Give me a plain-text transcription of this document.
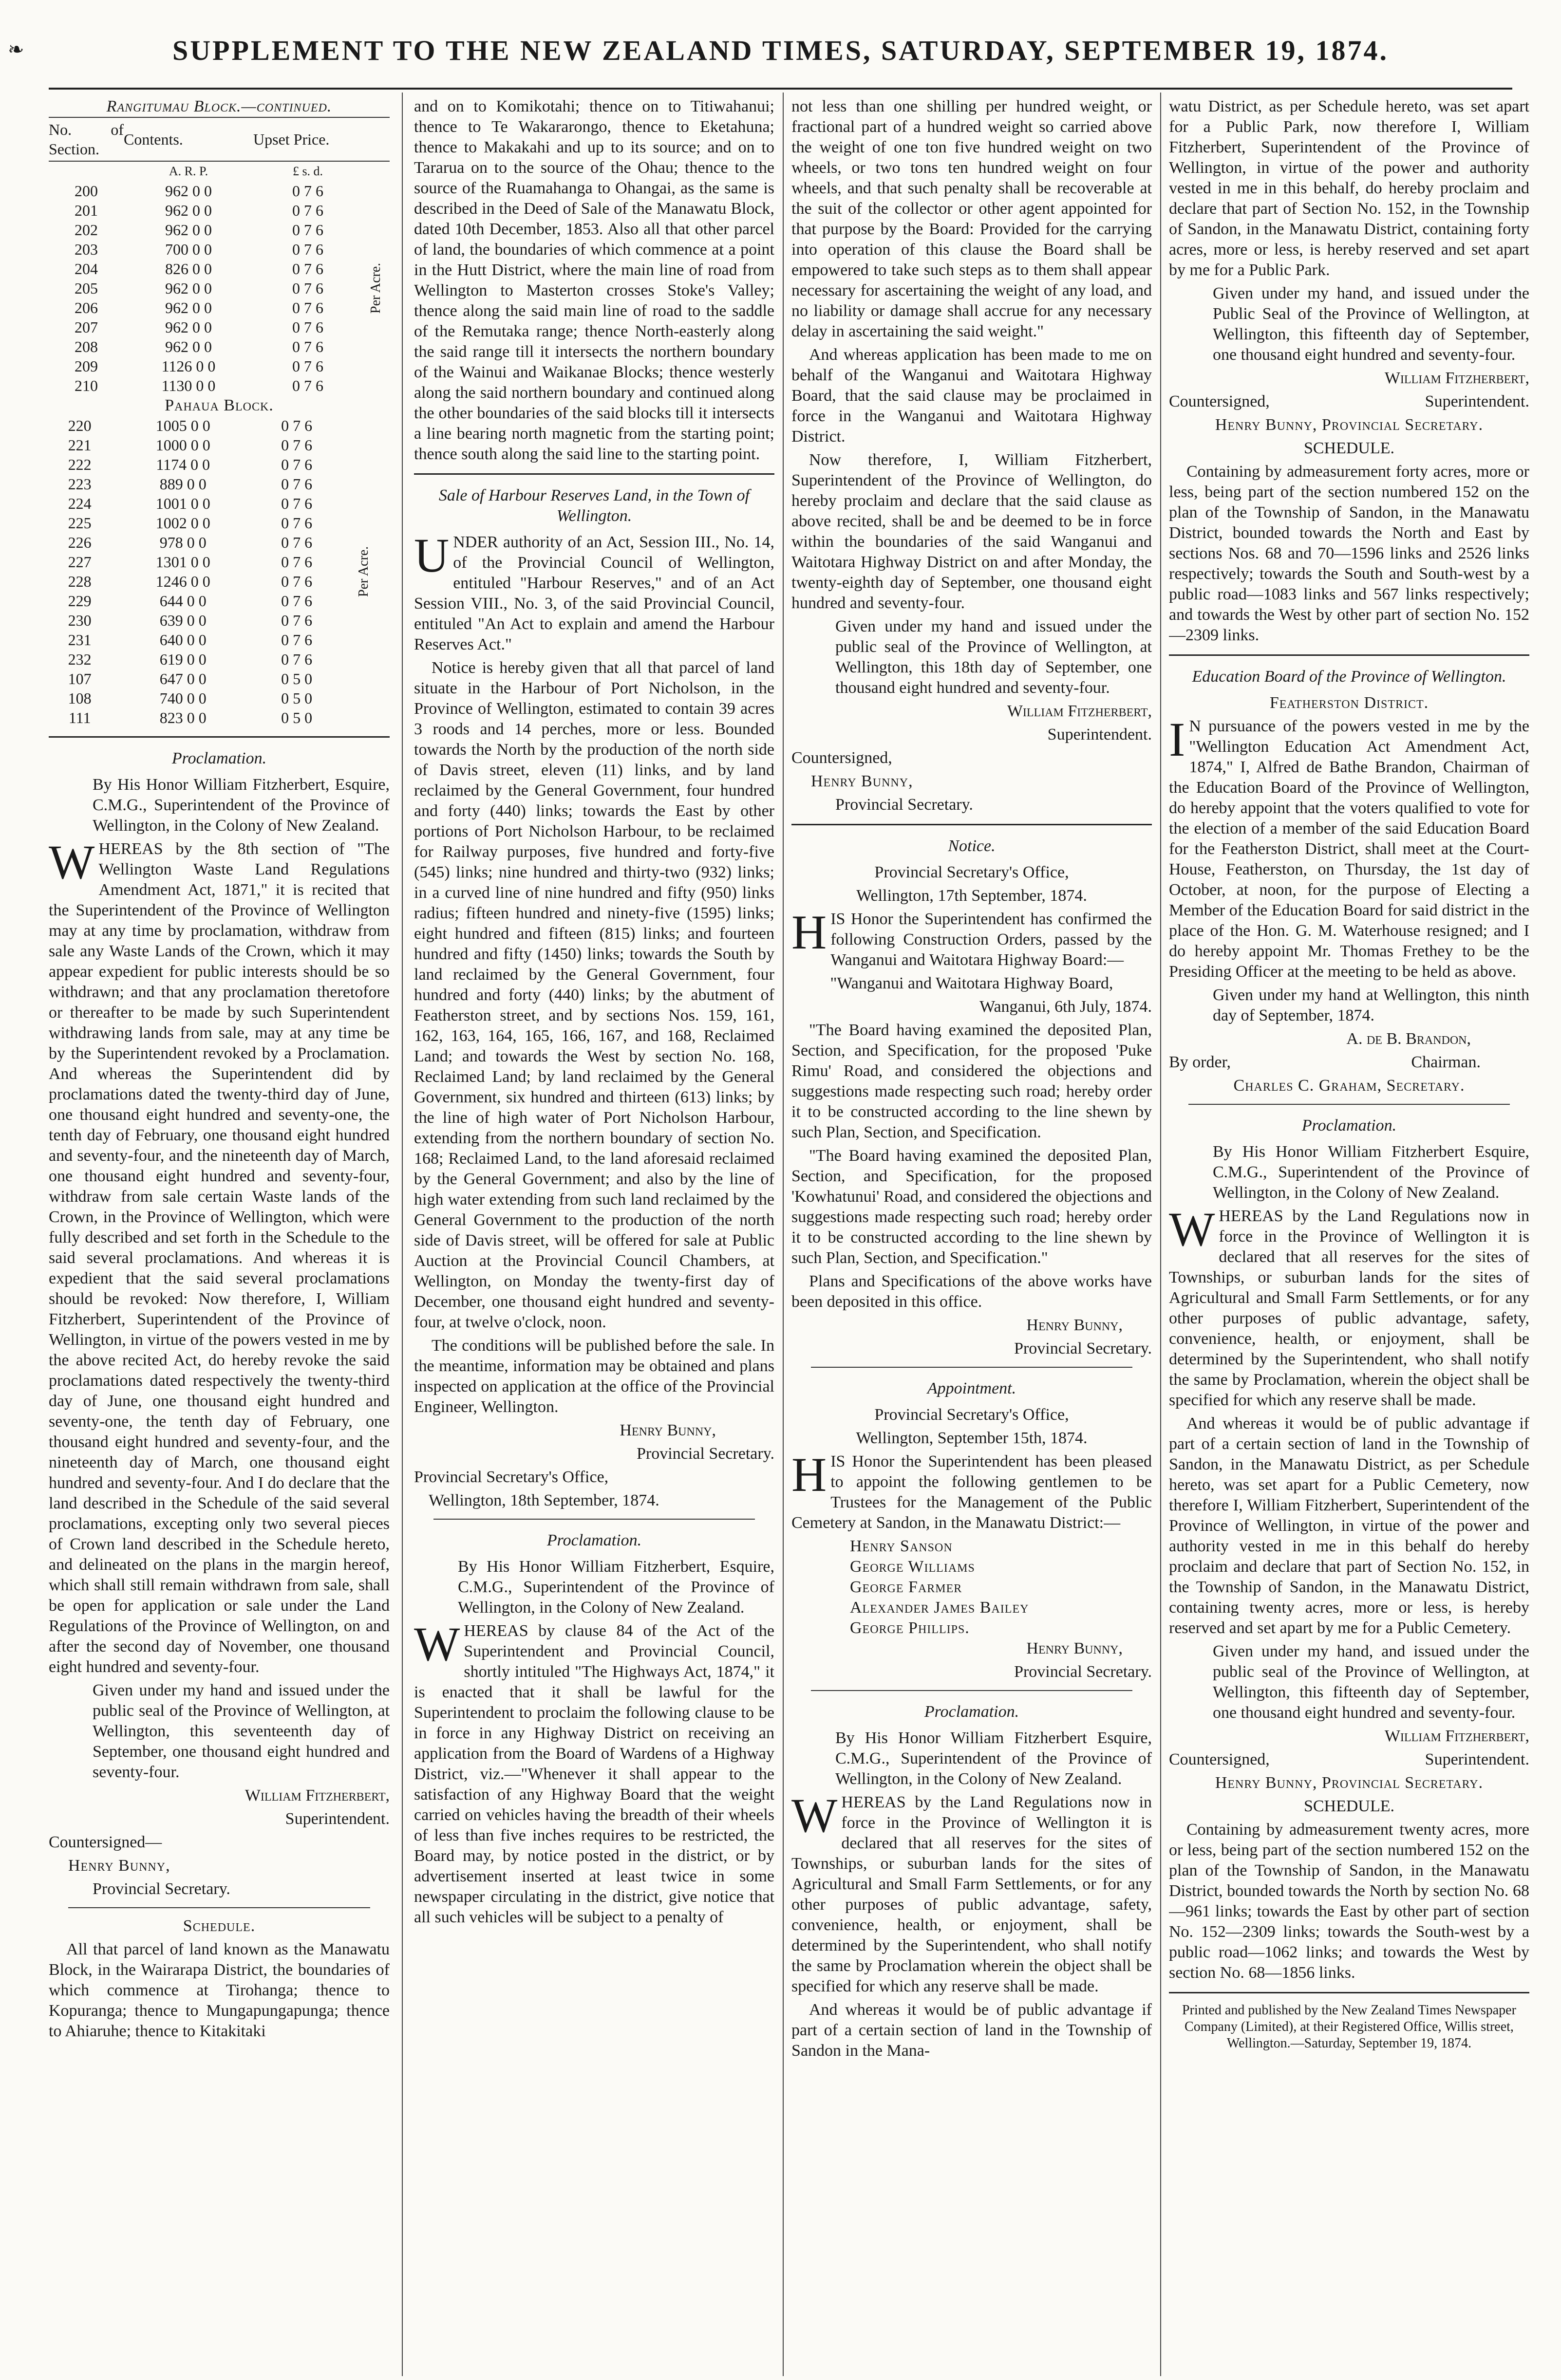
❧	SUPPLEMENT TO THE NEW ZEALAND TIMES, SATURDAY, SEPTEMBER 19, 1874.
Rangitumau Block.—continued.
No. of Section.	Contents.	Upset Price.	
	A. R. P.	£ s. d.	
200	962 0 0	0 7 6	Per Acre.
201	962 0 0	0 7 6	
202	962 0 0	0 7 6	
203	700 0 0	0 7 6	
204	826 0 0	0 7 6	
205	962 0 0	0 7 6	
206	962 0 0	0 7 6	
207	962 0 0	0 7 6	
208	962 0 0	0 7 6	
209	1126 0 0	0 7 6	
210	1130 0 0	0 7 6	
Pahaua Block.
220	1005 0 0	0 7 6	Per Acre.
221	1000 0 0	0 7 6	
222	1174 0 0	0 7 6	
223	889 0 0	0 7 6	
224	1001 0 0	0 7 6	
225	1002 0 0	0 7 6	
226	978 0 0	0 7 6	
227	1301 0 0	0 7 6	
228	1246 0 0	0 7 6	
229	644 0 0	0 7 6	
230	639 0 0	0 7 6	
231	640 0 0	0 7 6	
232	619 0 0	0 7 6	
107	647 0 0	0 5 0	
108	740 0 0	0 5 0	
111	823 0 0	0 5 0	

Proclamation.

By His Honor William Fitzherbert, Esquire, C.M.G., Superintendent of the Province of Wellington, in the Colony of New Zealand.

WHEREAS by the 8th section of "The Wellington Waste Land Regulations Amendment Act, 1871," it is recited that the Superintendent of the Province of Wellington may at any time by proclamation, withdraw from sale any Waste Lands of the Crown, which it may appear expedient for public interests should be so withdrawn; and that any proclamation theretofore or thereafter to be made by such Superintendent withdrawing lands from sale, may at any time be by the Superintendent revoked by a Proclamation. And whereas the Superintendent did by proclamations dated the twenty-third day of June, one thousand eight hundred and seventy-one, the tenth day of February, one thousand eight hundred and seventy-four, and the nineteenth day of March, one thousand eight hundred and seventy-four, withdraw from sale certain Waste lands of the Crown, in the Province of Wellington, which were fully described and set forth in the Schedule to the said several proclamations. And whereas it is expedient that the said several proclamations should be revoked: Now therefore, I, William Fitzherbert, Superintendent of the Province of Wellington, in virtue of the powers vested in me by the above recited Act, do hereby revoke the said proclamations dated respectively the twenty-third day of June, one thousand eight hundred and seventy-one, the tenth day of February, one thousand eight hundred and seventy-four, and the nineteenth day of March, one thousand eight hundred and seventy-four. And I do declare that the land described in the Schedule of the said several proclamations, excepting only two several pieces of Crown land described in the Schedule hereto, and delineated on the plans in the margin hereof, which shall still remain withdrawn from sale, shall be open for application or sale under the Land Regulations of the Province of Wellington, on and after the second day of November, one thousand eight hundred and seventy-four.

Given under my hand and issued under the public seal of the Province of Wellington, at Wellington, this seventeenth day of September, one thousand eight hundred and seventy-four.

William Fitzherbert,

Superintendent.

Countersigned—

Henry Bunny,

Provincial Secretary.

Schedule.

All that parcel of land known as the Manawatu Block, in the Wairarapa District, the boundaries of which commence at Tirohanga; thence to Kopuranga; thence to Mungapungapunga; thence to Ahiaruhe; thence to Kitakitaki

and on to Komikotahi; thence on to Titiwahanui; thence to Te Wakararongo, thence to Eketahuna; thence to Makakahi and up to its source; and on to Tararua on to the source of the Ohau; thence to the source of the Ruamahanga to Ohangai, as the same is described in the Deed of Sale of the Manawatu Block, dated 10th December, 1853. Also all that other parcel of land, the boundaries of which commence at a point in the Hutt District, where the main line of road from Wellington to Masterton crosses Stoke's Valley; thence along the said main line of road to the saddle of the Remutaka range; thence North-easterly along the said range till it intersects the northern boundary of the Wainui and Waikanae Blocks; thence westerly along the said northern boundary and continued along the other boundaries of the said blocks till it intersects a line bearing north magnetic from the starting point; thence south along the said line to the starting point.

Sale of Harbour Reserves Land, in the Town of Wellington.

UNDER authority of an Act, Session III., No. 14, of the Provincial Council of Wellington, entituled "Harbour Reserves," and of an Act Session VIII., No. 3, of the said Provincial Council, entituled "An Act to explain and amend the Harbour Reserves Act."

Notice is hereby given that all that parcel of land situate in the Harbour of Port Nicholson, in the Province of Wellington, estimated to contain 39 acres 3 roods and 14 perches, more or less. Bounded towards the North by the production of the north side of Davis street, eleven (11) links, and by land reclaimed by the General Government, four hundred and forty (440) links; towards the East by other portions of Port Nicholson Harbour, to be reclaimed for Railway purposes, five hundred and forty-five (545) links; nine hundred and thirty-two (932) links; in a curved line of nine hundred and fifty (950) links radius; fifteen hundred and ninety-five (1595) links; eight hundred and fifteen (815) links; and fourteen hundred and fifty (1450) links; towards the South by land reclaimed by the General Government, four hundred and forty (440) links; by the abutment of Featherston street, and by sections Nos. 159, 161, 162, 163, 164, 165, 166, 167, and 168, Reclaimed Land; and towards the West by section No. 168, Reclaimed Land; by land reclaimed by the General Government, six hundred and thirteen (613) links; by the line of high water of Port Nicholson Harbour, extending from the northern boundary of section No. 168; Reclaimed Land, to the land aforesaid reclaimed by the General Government; and also by the line of high water extending from such land reclaimed by the General Government to the production of the north side of Davis street, will be offered for sale at Public Auction at the Provincial Council Chambers, at Wellington, on Monday the twenty-first day of December, one thousand eight hundred and seventy-four, at twelve o'clock, noon.

The conditions will be published before the sale. In the meantime, information may be obtained and plans inspected on application at the office of the Provincial Engineer, Wellington.

Henry Bunny,

Provincial Secretary.

Provincial Secretary's Office,

Wellington, 18th September, 1874.

Proclamation.

By His Honor William Fitzherbert, Esquire, C.M.G., Superintendent of the Province of Wellington, in the Colony of New Zealand.

WHEREAS by clause 84 of the Act of the Superintendent and Provincial Council, shortly intituled "The Highways Act, 1874," it is enacted that it shall be lawful for the Superintendent to proclaim the following clause to be in force in any Highway District on receiving an application from the Board of Wardens of a Highway District, viz.—"Whenever it shall appear to the satisfaction of any Highway Board that the weight carried on vehicles having the breadth of their wheels of less than five inches requires to be restricted, the Board may, by notice posted in the district, or by advertisement inserted at least twice in some newspaper circulating in the district, give notice that all such vehicles will be subject to a penalty of

not less than one shilling per hundred weight, or fractional part of a hundred weight so carried above the weight of one ton five hundred weight on two wheels, or two tons ten hundred weight on four wheels, and that such penalty shall be recoverable at the suit of the collector or other agent appointed for that purpose by the Board: Provided for the carrying into operation of this clause the Board shall be empowered to take such steps as to them shall appear necessary for ascertaining the weight of any load, and no liability or damage shall accrue for any necessary delay in ascertaining the said weight."

And whereas application has been made to me on behalf of the Wanganui and Waitotara Highway Board, that the said clause may be proclaimed in force in the Wanganui and Waitotara Highway District.

Now therefore, I, William Fitzherbert, Superintendent of the Province of Wellington, do hereby proclaim and declare that the said clause as above recited, shall be and be deemed to be in force within the boundaries of the said Wanganui and Waitotara Highway District on and after Monday, the twenty-eighth day of September, one thousand eight hundred and seventy-four.

Given under my hand and issued under the public seal of the Province of Wellington, at Wellington, this 18th day of September, one thousand eight hundred and seventy-four.

William Fitzherbert,

Superintendent.

Countersigned,

Henry Bunny,

Provincial Secretary.

Notice.

Provincial Secretary's Office,

Wellington, 17th September, 1874.

HIS Honor the Superintendent has confirmed the following Construction Orders, passed by the Wanganui and Waitotara Highway Board:—

"Wanganui and Waitotara Highway Board,

Wanganui, 6th July, 1874.

"The Board having examined the deposited Plan, Section, and Specification, for the proposed 'Puke Rimu' Road, and considered the objections and suggestions made respecting such road; hereby order it to be constructed according to the line shewn by such Plan, Section, and Specification.

"The Board having examined the deposited Plan, Section, and Specification, for the proposed 'Kowhatunui' Road, and considered the objections and suggestions made respecting such road; hereby order it to be constructed according to the line shewn by such Plan, Section, and Specification."

Plans and Specifications of the above works have been deposited in this office.

Henry Bunny,

Provincial Secretary.

Appointment.

Provincial Secretary's Office,

Wellington, September 15th, 1874.

HIS Honor the Superintendent has been pleased to appoint the following gentlemen to be Trustees for the Management of the Public Cemetery at Sandon, in the Manawatu District:—

Henry Sanson
George Williams
George Farmer
Alexander James Bailey
George Phillips.

Henry Bunny,

Provincial Secretary.

Proclamation.

By His Honor William Fitzherbert Esquire, C.M.G., Superintendent of the Province of Wellington, in the Colony of New Zealand.

WHEREAS by the Land Regulations now in force in the Province of Wellington it is declared that all reserves for the sites of Townships, or suburban lands for the sites of Agricultural and Small Farm Settlements, or for any other purposes of public advantage, safety, convenience, health, or enjoyment, shall be determined by the Superintendent, who shall notify the same by Proclamation wherein the object shall be specified for which any reserve shall be made.

And whereas it would be of public advantage if part of a certain section of land in the Township of Sandon in the Mana-

watu District, as per Schedule hereto, was set apart for a Public Park, now therefore I, William Fitzherbert, Superintendent of the Province of Wellington, in virtue of the power and authority vested in me in this behalf, do hereby proclaim and declare that part of Section No. 152, in the Township of Sandon, in the Manawatu District, containing forty acres, more or less, is hereby reserved and set apart by me for a Public Park.

Given under my hand, and issued under the Public Seal of the Province of Wellington, at Wellington, this fifteenth day of September, one thousand eight hundred and seventy-four.

William Fitzherbert,

Countersigned,	Superintendent.

Henry Bunny, Provincial Secretary.

SCHEDULE.

Containing by admeasurement forty acres, more or less, being part of the section numbered 152 on the plan of the Township of Sandon, in the Manawatu District, bounded towards the North and East by sections Nos. 68 and 70—1596 links and 2526 links respectively; towards the South and South-west by a public road—1083 links and 567 links respectively; and towards the West by other part of section No. 152—2309 links.

Education Board of the Province of Wellington.

Featherston District.

I N pursuance of the powers vested in me by the "Wellington Education Act Amendment Act, 1874," I, Alfred de Bathe Brandon, Chairman of the Education Board of the Province of Wellington, do hereby appoint that the voters qualified to vote for the election of a member of the said Education Board for the Featherston District, shall meet at the Court-House, Featherston, on Thursday, the 1st day of October, at noon, for the purpose of Electing a Member of the Education Board for said district in the place of the Hon. G. M. Waterhouse resigned; and I do hereby appoint Mr. Thomas Frethey to be the Presiding Officer at the meeting to be held as above.

Given under my hand at Wellington, this ninth day of September, 1874.

A. de B. Brandon,

By order,	Chairman.

Charles C. Graham, Secretary.

Proclamation.

By His Honor William Fitzherbert Esquire, C.M.G., Superintendent of the Province of Wellington, in the Colony of New Zealand.

WHEREAS by the Land Regulations now in force in the Province of Wellington it is declared that all reserves for the sites of Townships, or suburban lands for the sites of Agricultural and Small Farm Settlements, or for any other purposes of public advantage, safety, convenience, health, or enjoyment, shall be determined by the Superintendent, who shall notify the same by Proclamation, wherein the object shall be specified for which any reserve shall be made.

And whereas it would be of public advantage if part of a certain section of land in the Township of Sandon, in the Manawatu District, as per Schedule hereto, was set apart for a Public Cemetery, now therefore I, William Fitzherbert, Superintendent of the Province of Wellington, in virtue of the power and authority vested in me in this behalf do hereby proclaim and declare that part of Section No. 152, in the Township of Sandon, in the Manawatu District, containing twenty acres, more or less, is hereby reserved and set apart by me for a Public Cemetery.

Given under my hand, and issued under the public seal of the Province of Wellington, at Wellington, this fifteenth day of September, one thousand eight hundred and seventy-four.

William Fitzherbert,

Countersigned,	Superintendent.

Henry Bunny, Provincial Secretary.

SCHEDULE.

Containing by admeasurement twenty acres, more or less, being part of the section numbered 152 on the plan of the Township of Sandon, in the Manawatu District, bounded towards the North by section No. 68—961 links; towards the East by other part of section No. 152—2309 links; towards the South-west by a public road—1062 links; and towards the West by section No. 68—1856 links.

Printed and published by the New Zealand Times Newspaper Company (Limited), at their Registered Office, Willis street, Wellington.—Saturday, September 19, 1874.
